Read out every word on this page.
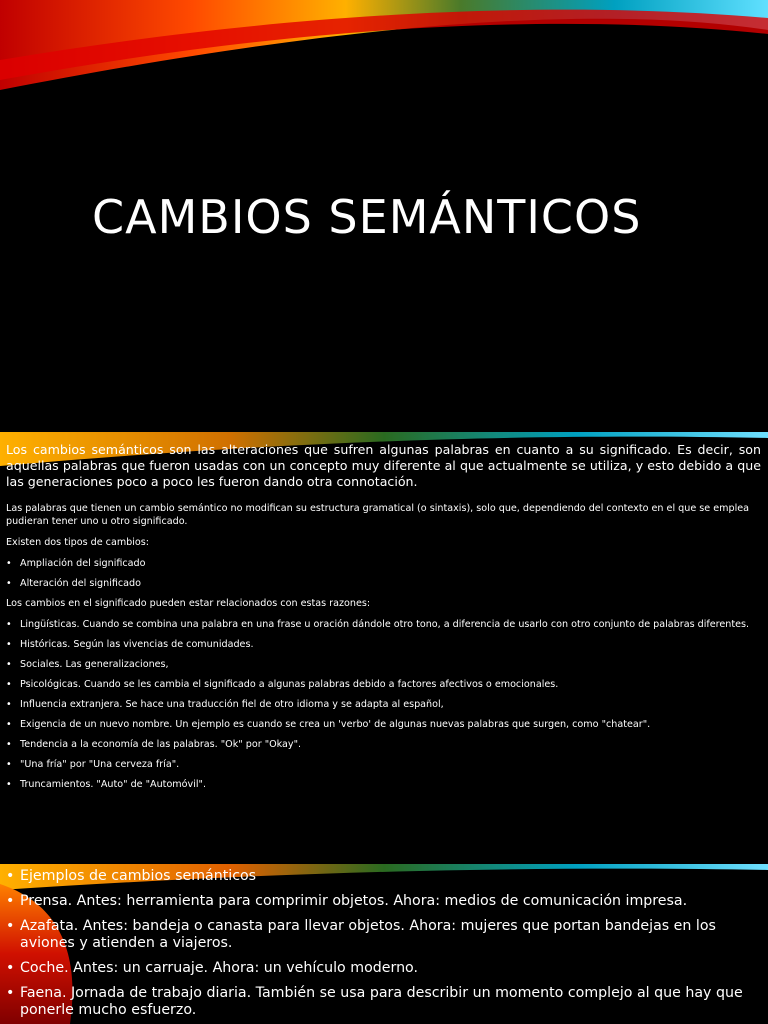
CAMBIOS SEMÁNTICOS

Los cambios semánticos son las alteraciones que sufren algunas palabras en cuanto a su significado. Es decir, son aquellas palabras que fueron usadas con un concepto muy diferente al que actualmente se utiliza, y esto debido a que las generaciones poco a poco les fueron dando otra connotación.

Las palabras que tienen un cambio semántico no modifican su estructura gramatical (o sintaxis), solo que, dependiendo del contexto en el que se emplea pudieran tener uno u otro significado.

Existen dos tipos de cambios:

• Ampliación del significado
• Alteración del significado

Los cambios en el significado pueden estar relacionados con estas razones:

• Lingüísticas. Cuando se combina una palabra en una frase u oración dándole otro tono, a diferencia de usarlo con otro conjunto de palabras diferentes.
• Históricas. Según las vivencias de comunidades.
• Sociales. Las generalizaciones,
• Psicológicas. Cuando se les cambia el significado a algunas palabras debido a factores afectivos o emocionales.
• Influencia extranjera. Se hace una traducción fiel de otro idioma y se adapta al español,
• Exigencia de un nuevo nombre. Un ejemplo es cuando se crea un 'verbo' de algunas nuevas palabras que surgen, como "chatear".
• Tendencia a la economía de las palabras. "Ok" por "Okay".
• "Una fría" por "Una cerveza fría".
• Truncamientos. "Auto" de "Automóvil".
• Ejemplos de cambios semánticos
• Prensa. Antes: herramienta para comprimir objetos. Ahora: medios de comunicación impresa.
• Azafata. Antes: bandeja o canasta para llevar objetos. Ahora: mujeres que portan bandejas en los aviones y atienden a viajeros.
• Coche. Antes: un carruaje. Ahora: un vehículo moderno.
• Faena. Jornada de trabajo diaria. También se usa para describir un momento complejo al que hay que ponerle mucho esfuerzo.
